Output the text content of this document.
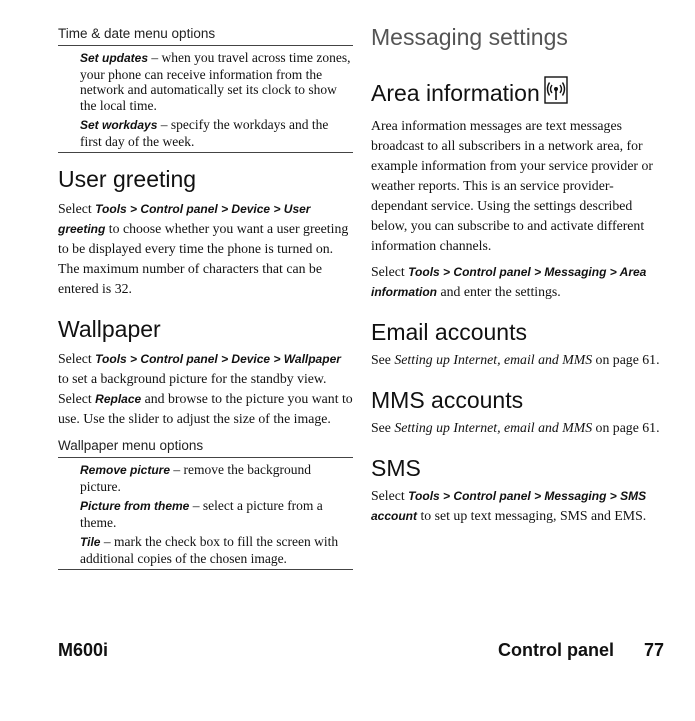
Time & date menu options
Set updates – when you travel across time zones, your phone can receive information from the network and automatically set its clock to show the local time.
Set workdays – specify the workdays and the first day of the week.
User greeting

Select Tools > Control panel > Device > User greeting to choose whether you want a user greeting to be displayed every time the phone is turned on. The maximum number of characters that can be entered is 32.

Wallpaper

Select Tools > Control panel > Device > Wallpaper to set a background picture for the standby view. Select Replace and browse to the picture you want to use. Use the slider to adjust the size of the image.

Wallpaper menu options
Remove picture – remove the background picture.
Picture from theme – select a picture from a theme.
Tile – mark the check box to fill the screen with additional copies of the chosen image.
Messaging settings
Area information

Area information messages are text messages broadcast to all subscribers in a network area, for example information from your service provider or weather reports. This is an service provider-dependant service. Using the settings described below, you can subscribe to and activate different information channels.

Select Tools > Control panel > Messaging > Area information and enter the settings.

Email accounts

See Setting up Internet, email and MMS on page 61.

MMS accounts

See Setting up Internet, email and MMS on page 61.

SMS

Select Tools > Control panel > Messaging > SMS account to set up text messaging, SMS and EMS.

M600i	Control panel 77
